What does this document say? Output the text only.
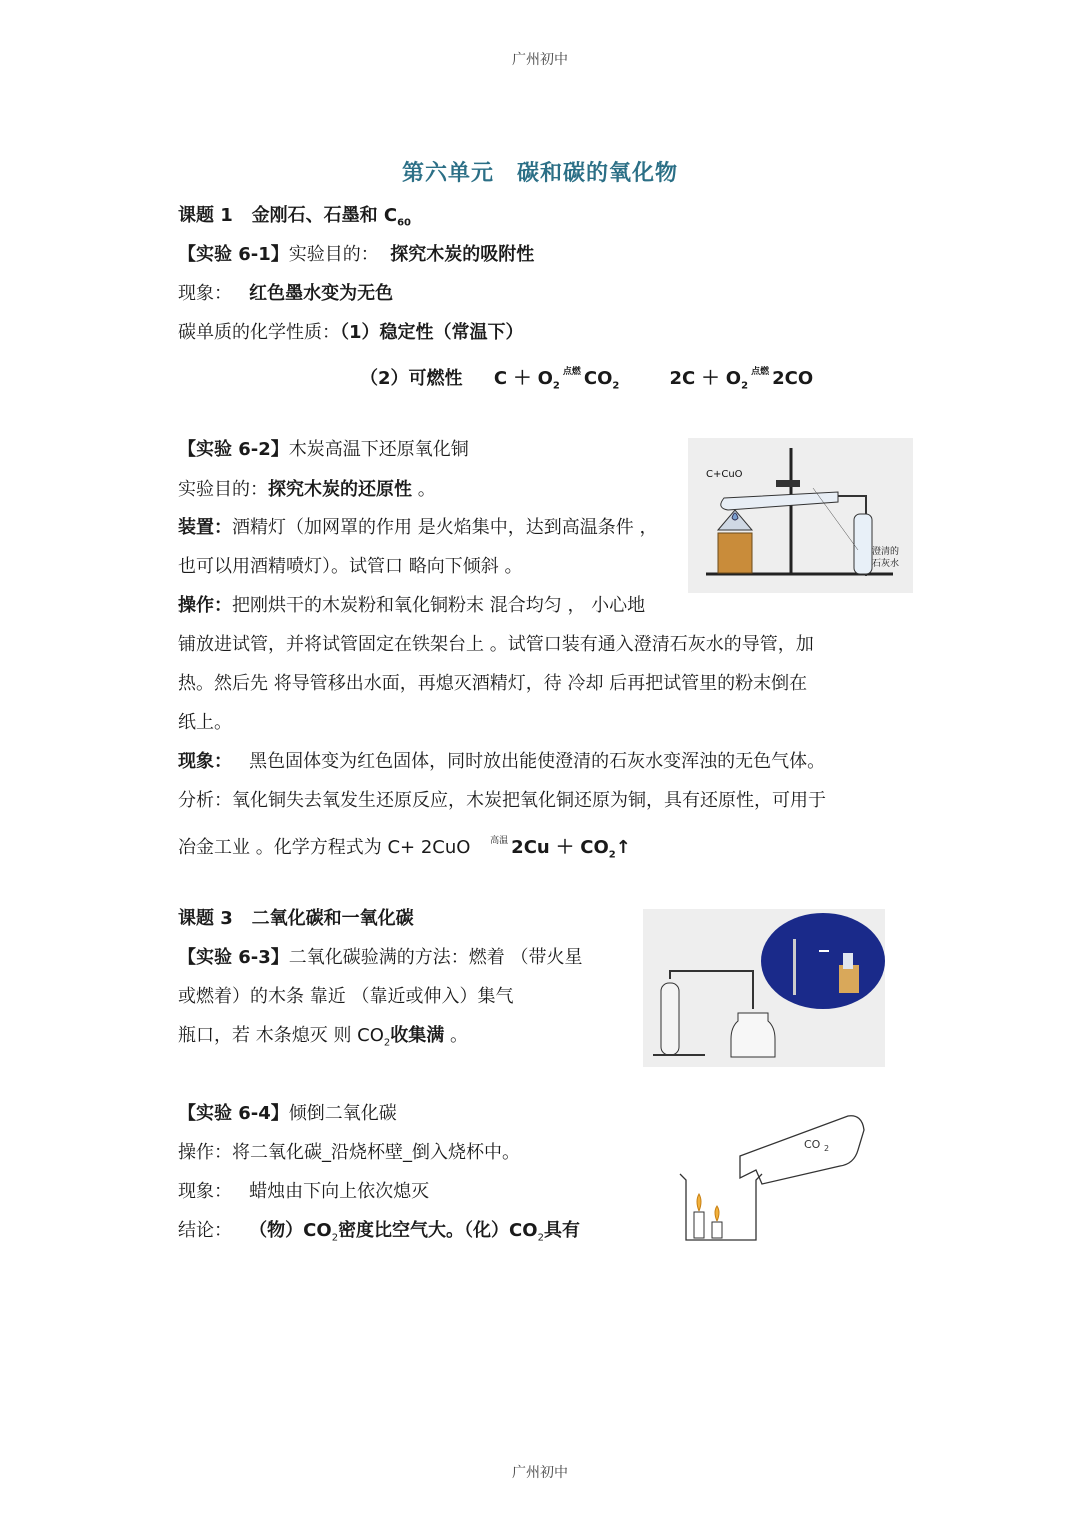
广州初中
第六单元　碳和碳的氧化物
课题 1 金刚石、石墨和 $C_{60}$
【实验 6-1】实验目的： 探究木炭的吸附性
现象： 红色墨水变为无色
碳单质的化学性质：（1）稳定性（常温下）
（2）可燃性 $C + O_2^{点燃}$ $CO_2$	$2C + O_2^{点燃}$ 2CO
【实验 6-2】木炭高温下还原氧化铜
实验目的：探究木炭的还原性 。
装置：酒精灯（加网罩的作用 是火焰集中，达到高温条件 ，
也可以用酒精喷灯）。试管口 略向下倾斜 。
操作：把刚烘干的木炭粉和氧化铜粉末 混合均匀 ， 小心地
铺放进试管，并将试管固定在铁架台上 。试管口装有通入澄清石灰水的导管，加
热。然后先 将导管移出水面，再熄灭酒精灯，待 冷却 后再把试管里的粉末倒在
纸上。
现象： 黑色固体变为红色固体，同时放出能使澄清的石灰水变浑浊的无色气体。
分析：氧化铜失去氧发生还原反应，木炭把氧化铜还原为铜，具有还原性，可用于
冶金工业 。化学方程式为 C+ 2CuO $^{高温}$ $2Cu + CO_2↑$
C+CuO
澄清的
石灰水
课题 3 二氧化碳和一氧化碳
【实验 6-3】二氧化碳验满的方法：燃着 （带火星
或燃着）的木条 靠近 （靠近或伸入）集气
瓶口，若 木条熄灭 则 $CO_2$收集满 。
【实验 6-4】倾倒二氧化碳
操作：将二氧化碳_沿烧杯壁_倒入烧杯中。
现象： 蜡烛由下向上依次熄灭
结论： （物）$CO_2$密度比空气大。（化）$CO_2$具有
CO 2
广州初中
